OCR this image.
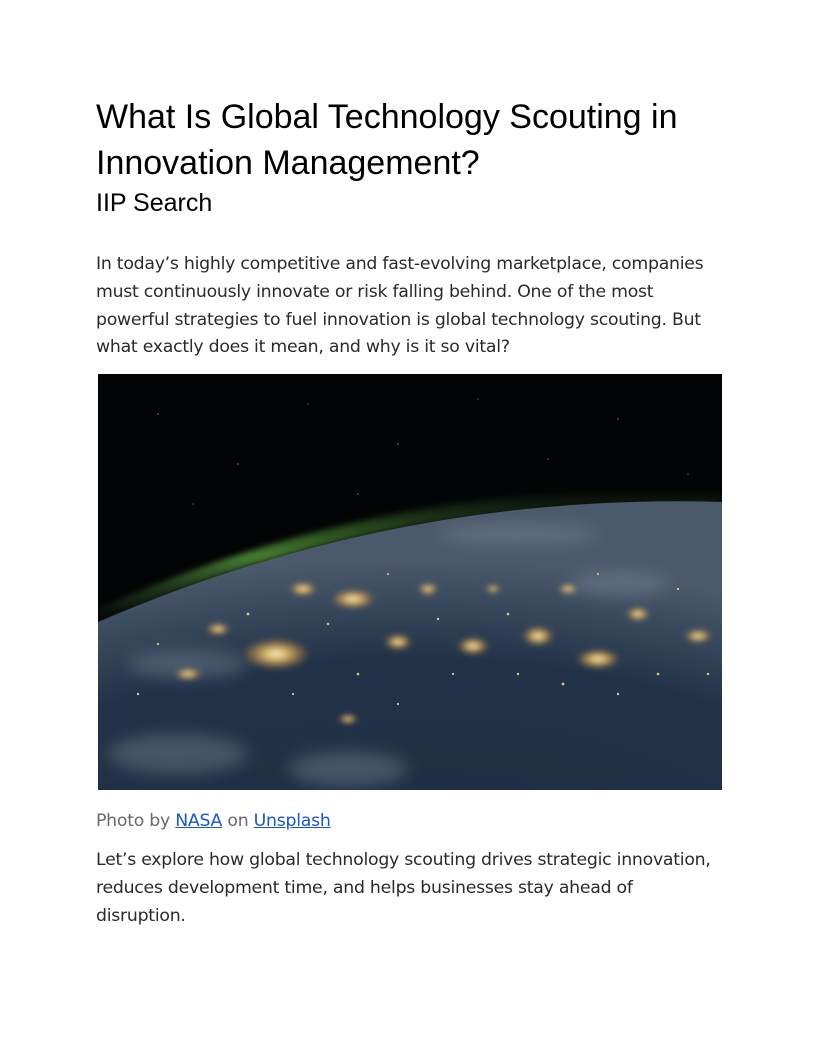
What Is Global Technology Scouting in Innovation Management?
IIP Search

In today’s highly competitive and fast-evolving marketplace, companies must continuously innovate or risk falling behind. One of the most powerful strategies to fuel innovation is global technology scouting. But what exactly does it mean, and why is it so vital?

Photo by NASA on Unsplash

Let’s explore how global technology scouting drives strategic innovation, reduces development time, and helps businesses stay ahead of disruption.
